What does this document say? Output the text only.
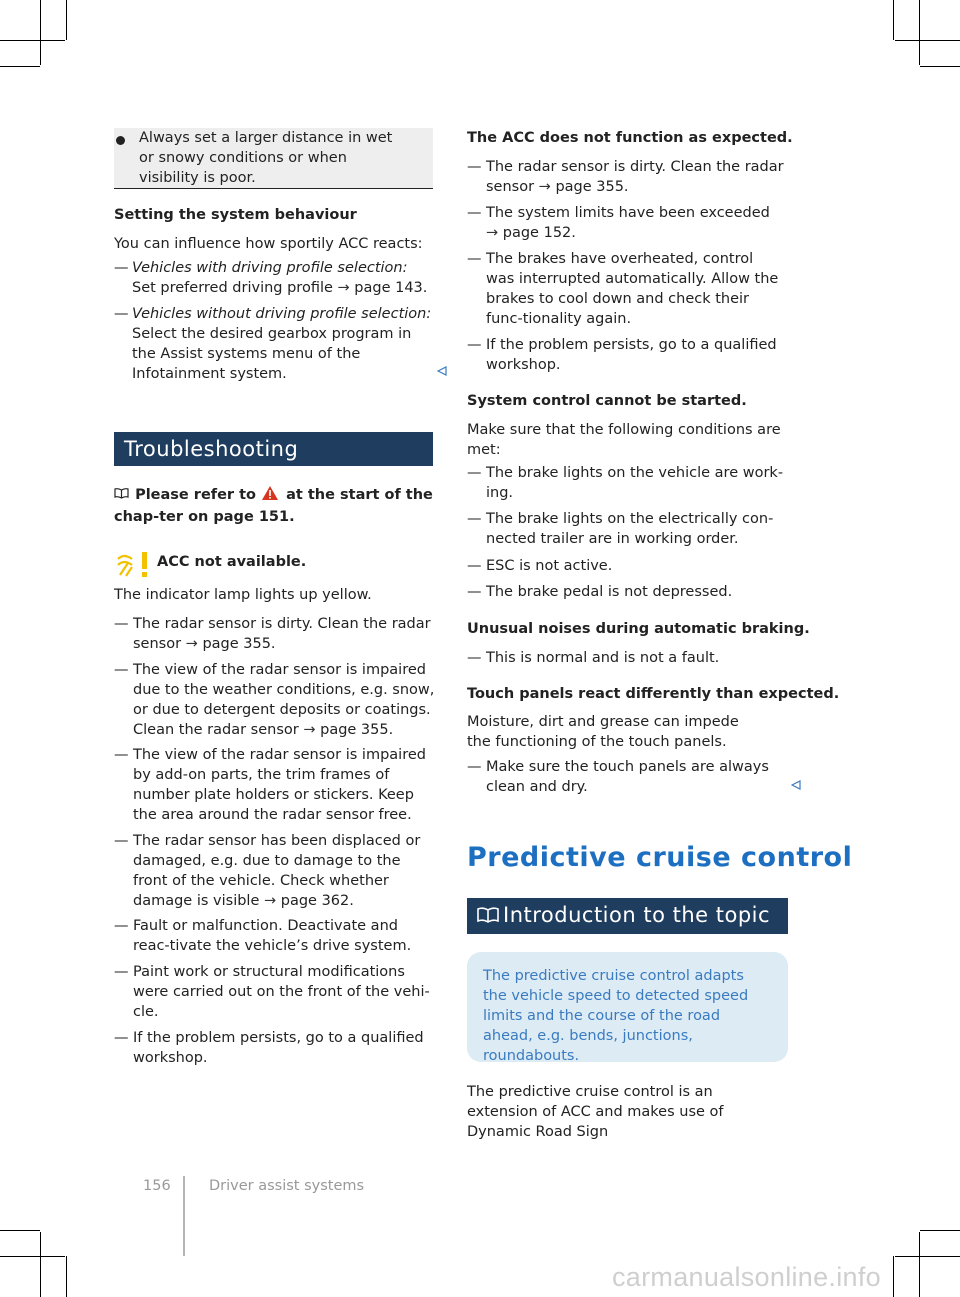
Always set a larger distance in wet or snowy conditions or when visibility is poor.
Setting the system behaviour
You can influence how sportily ACC reacts:
— Vehicles with driving profile selection: Set preferred driving profile → page 143.
— Vehicles without driving profile selection: Select the desired gearbox program in the Assist systems menu of the Infotainment system.
Troubleshooting
Please refer to  at the start of the chap-ter on page 151.
ACC not available.
The indicator lamp lights up yellow.
— The radar sensor is dirty. Clean the radar sensor → page 355.
— The view of the radar sensor is impaired due to the weather conditions, e.g. snow, or due to detergent deposits or coatings. Clean the radar sensor → page 355.
— The view of the radar sensor is impaired by add-on parts, the trim frames of number plate holders or stickers. Keep the area around the radar sensor free.
— The radar sensor has been displaced or damaged, e.g. due to damage to the front of the vehicle. Check whether damage is visible → page 362.
— Fault or malfunction. Deactivate and reac-tivate the vehicle’s drive system.
— Paint work or structural modifications were carried out on the front of the vehi-cle.
— If the problem persists, go to a qualified workshop.
The ACC does not function as expected.
— The radar sensor is dirty. Clean the radar sensor → page 355.
— The system limits have been exceeded → page 152.
— The brakes have overheated, control was interrupted automatically. Allow the brakes to cool down and check their func-tionality again.
— If the problem persists, go to a qualified workshop.
System control cannot be started.
Make sure that the following conditions are met:
— The brake lights on the vehicle are work-ing.
— The brake lights on the electrically con-nected trailer are in working order.
— ESC is not active.
— The brake pedal is not depressed.
Unusual noises during automatic braking.
— This is normal and is not a fault.
Touch panels react differently than expected.
Moisture, dirt and grease can impede the functioning of the touch panels.
— Make sure the touch panels are always clean and dry.
Predictive cruise control
Introduction to the topic
The predictive cruise control adapts the vehicle speed to detected speed limits and the course of the road ahead, e.g. bends, junctions, roundabouts.
The predictive cruise control is an extension of ACC and makes use of Dynamic Road Sign
156	Driver assist systems
carmanualsonline.info
